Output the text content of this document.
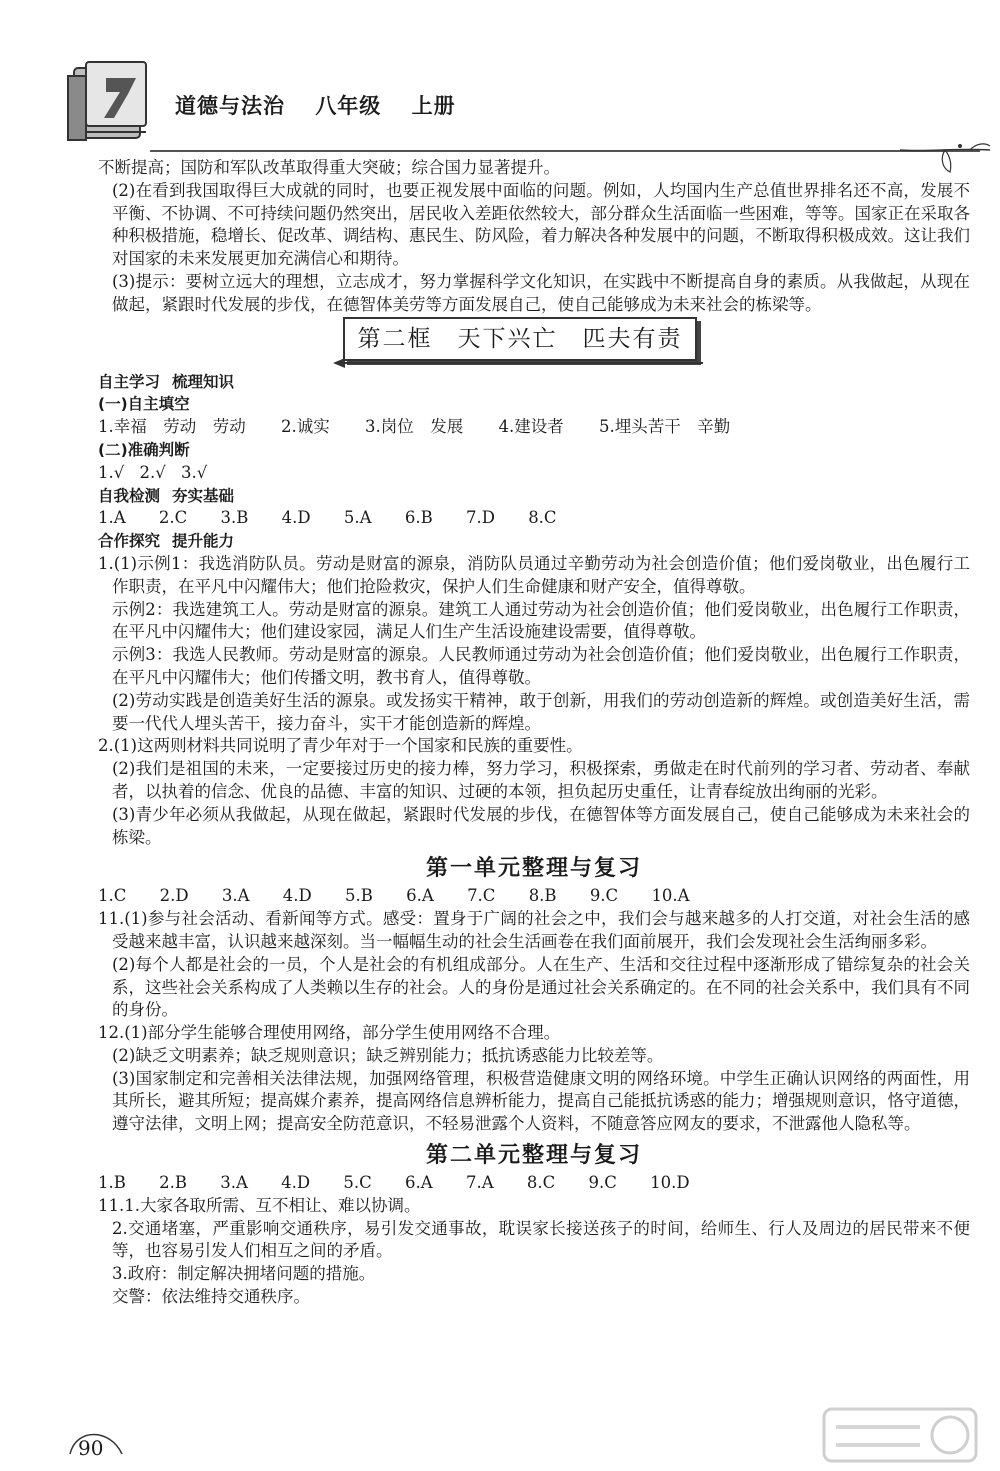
道德与法治 八年级 上册

不断提高；国防和军队改革取得重大突破；综合国力显著提升。

(2)在看到我国取得巨大成就的同时，也要正视发展中面临的问题。例如，人均国内生产总值世界排名还不高，发展不平衡、不协调、不可持续问题仍然突出，居民收入差距依然较大，部分群众生活面临一些困难，等等。国家正在采取各种积极措施，稳增长、促改革、调结构、惠民生、防风险，着力解决各种发展中的问题，不断取得积极成效。这让我们对国家的未来发展更加充满信心和期待。

(3)提示：要树立远大的理想，立志成才，努力掌握科学文化知识，在实践中不断提高自身的素质。从我做起，从现在做起，紧跟时代发展的步伐，在德智体美劳等方面发展自己，使自己能够成为未来社会的栋梁等。

第二框　天下兴亡　匹夫有责

自主学习 梳理知识

(一)自主填空

1.幸福　劳动　劳动 2.诚实 3.岗位　发展 4.建设者 5.埋头苦干　辛勤

(二)准确判断

1.√ 2.√ 3.√

自我检测 夯实基础

1.A 2.C 3.B 4.D 5.A 6.B 7.D 8.C

合作探究 提升能力

1.(1)示例1：我选消防队员。劳动是财富的源泉，消防队员通过辛勤劳动为社会创造价值；他们爱岗敬业，出色履行工作职责，在平凡中闪耀伟大；他们抢险救灾，保护人们生命健康和财产安全，值得尊敬。

示例2：我选建筑工人。劳动是财富的源泉。建筑工人通过劳动为社会创造价值；他们爱岗敬业，出色履行工作职责，在平凡中闪耀伟大；他们建设家园，满足人们生产生活设施建设需要，值得尊敬。

示例3：我选人民教师。劳动是财富的源泉。人民教师通过劳动为社会创造价值；他们爱岗敬业，出色履行工作职责，在平凡中闪耀伟大；他们传播文明，教书育人，值得尊敬。

(2)劳动实践是创造美好生活的源泉。或发扬实干精神，敢于创新，用我们的劳动创造新的辉煌。或创造美好生活，需要一代代人埋头苦干，接力奋斗，实干才能创造新的辉煌。

2.(1)这两则材料共同说明了青少年对于一个国家和民族的重要性。

(2)我们是祖国的未来，一定要接过历史的接力棒，努力学习，积极探索，勇做走在时代前列的学习者、劳动者、奉献者，以执着的信念、优良的品德、丰富的知识、过硬的本领，担负起历史重任，让青春绽放出绚丽的光彩。

(3)青少年必须从我做起，从现在做起，紧跟时代发展的步伐，在德智体等方面发展自己，使自己能够成为未来社会的栋梁。

第一单元整理与复习

1.C 2.D 3.A 4.D 5.B 6.A 7.C 8.B 9.C 10.A

11.(1)参与社会活动、看新闻等方式。感受：置身于广阔的社会之中，我们会与越来越多的人打交道，对社会生活的感受越来越丰富，认识越来越深刻。当一幅幅生动的社会生活画卷在我们面前展开，我们会发现社会生活绚丽多彩。

(2)每个人都是社会的一员，个人是社会的有机组成部分。人在生产、生活和交往过程中逐渐形成了错综复杂的社会关系，这些社会关系构成了人类赖以生存的社会。人的身份是通过社会关系确定的。在不同的社会关系中，我们具有不同的身份。

12.(1)部分学生能够合理使用网络，部分学生使用网络不合理。

(2)缺乏文明素养；缺乏规则意识；缺乏辨别能力；抵抗诱惑能力比较差等。

(3)国家制定和完善相关法律法规，加强网络管理，积极营造健康文明的网络环境。中学生正确认识网络的两面性，用其所长，避其所短；提高媒介素养，提高网络信息辨析能力，提高自己能抵抗诱惑的能力；增强规则意识，恪守道德，遵守法律，文明上网；提高安全防范意识，不轻易泄露个人资料，不随意答应网友的要求，不泄露他人隐私等。

第二单元整理与复习

1.B 2.B 3.A 4.D 5.C 6.A 7.A 8.C 9.C 10.D

11.1.大家各取所需、互不相让、难以协调。

2.交通堵塞，严重影响交通秩序，易引发交通事故，耽误家长接送孩子的时间，给师生、行人及周边的居民带来不便等，也容易引发人们相互之间的矛盾。

3.政府：制定解决拥堵问题的措施。

交警：依法维持交通秩序。

90
